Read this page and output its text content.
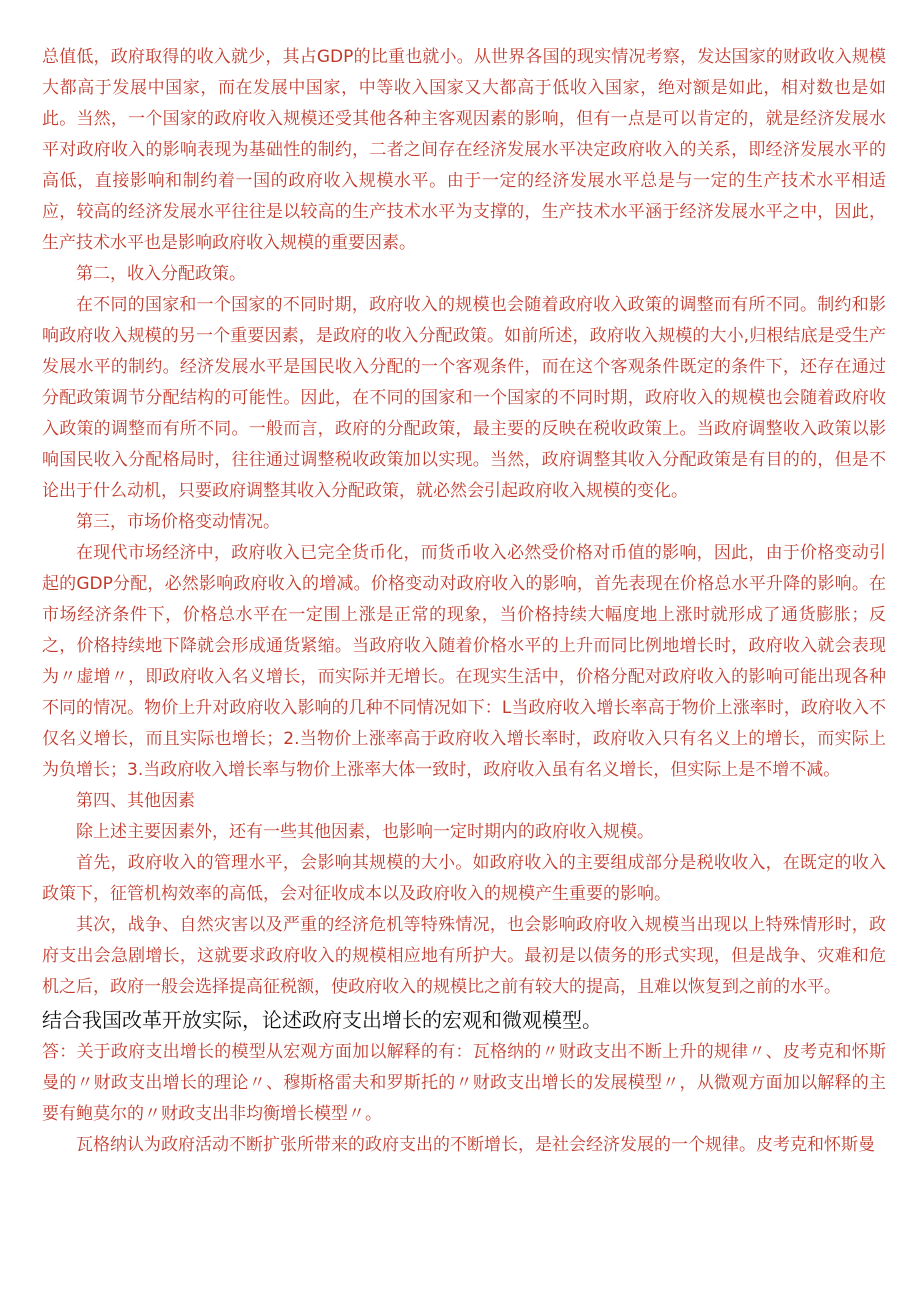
总值低，政府取得的收入就少，其占GDP的比重也就小。从世界各国的现实情况考察，发达国家的财政收入规模大都高于发展中国家，而在发展中国家，中等收入国家又大都高于低收入国家，绝对额是如此，相对数也是如此。当然，一个国家的政府收入规模还受其他各种主客观因素的影响，但有一点是可以肯定的，就是经济发展水平对政府收入的影响表现为基础性的制约，二者之间存在经济发展水平决定政府收入的关系，即经济发展水平的高低，直接影响和制约着一国的政府收入规模水平。由于一定的经济发展水平总是与一定的生产技术水平相适应，较高的经济发展水平往往是以较高的生产技术水平为支撑的，生产技术水平涵于经济发展水平之中，因此，生产技术水平也是影响政府收入规模的重要因素。

第二，收入分配政策。

在不同的国家和一个国家的不同时期，政府收入的规模也会随着政府收入政策的调整而有所不同。制约和影响政府收入规模的另一个重要因素，是政府的收入分配政策。如前所述，政府收入规模的大小,归根结底是受生产发展水平的制约。经济发展水平是国民收入分配的一个客观条件，而在这个客观条件既定的条件下，还存在通过分配政策调节分配结构的可能性。因此，在不同的国家和一个国家的不同时期，政府收入的规模也会随着政府收入政策的调整而有所不同。一般而言，政府的分配政策，最主要的反映在税收政策上。当政府调整收入政策以影响国民收入分配格局时，往往通过调整税收政策加以实现。当然，政府调整其收入分配政策是有目的的，但是不论出于什么动机，只要政府调整其收入分配政策，就必然会引起政府收入规模的变化。

第三，市场价格变动情况。

在现代市场经济中，政府收入已完全货币化，而货币收入必然受价格对币值的影响，因此，由于价格变动引起的GDP分配，必然影响政府收入的增减。价格变动对政府收入的影响，首先表现在价格总水平升降的影响。在市场经济条件下，价格总水平在一定围上涨是正常的现象，当价格持续大幅度地上涨时就形成了通货膨胀；反之，价格持续地下降就会形成通货紧缩。当政府收入随着价格水平的上升而同比例地增长时，政府收入就会表现为〃虚增〃，即政府收入名义增长，而实际并无增长。在现实生活中，价格分配对政府收入的影响可能出现各种不同的情况。物价上升对政府收入影响的几种不同情况如下：L当政府收入增长率高于物价上涨率时，政府收入不仅名义增长，而且实际也增长；2.当物价上涨率高于政府收入增长率时，政府收入只有名义上的增长，而实际上为负增长；3.当政府收入增长率与物价上涨率大体一致时，政府收入虽有名义增长，但实际上是不增不减。

第四、其他因素

除上述主要因素外，还有一些其他因素，也影响一定时期内的政府收入规模。

首先，政府收入的管理水平，会影响其规模的大小。如政府收入的主要组成部分是税收收入，在既定的收入政策下，征管机构效率的高低，会对征收成本以及政府收入的规模产生重要的影响。

其次，战争、自然灾害以及严重的经济危机等特殊情况，也会影响政府收入规模当出现以上特殊情形时，政府支出会急剧增长，这就要求政府收入的规模相应地有所护大。最初是以债务的形式实现，但是战争、灾难和危机之后，政府一般会选择提高征税额，使政府收入的规模比之前有较大的提高，且难以恢复到之前的水平。

结合我国改革开放实际，论述政府支出增长的宏观和微观模型。

答：关于政府支出增长的模型从宏观方面加以解释的有：瓦格纳的〃财政支出不断上升的规律〃、皮考克和怀斯曼的〃财政支出增长的理论〃、穆斯格雷夫和罗斯托的〃财政支出增长的发展模型〃，从微观方面加以解释的主要有鲍莫尔的〃财政支出非均衡增长模型〃。

瓦格纳认为政府活动不断扩张所带来的政府支出的不断增长，是社会经济发展的一个规律。皮考克和怀斯曼
